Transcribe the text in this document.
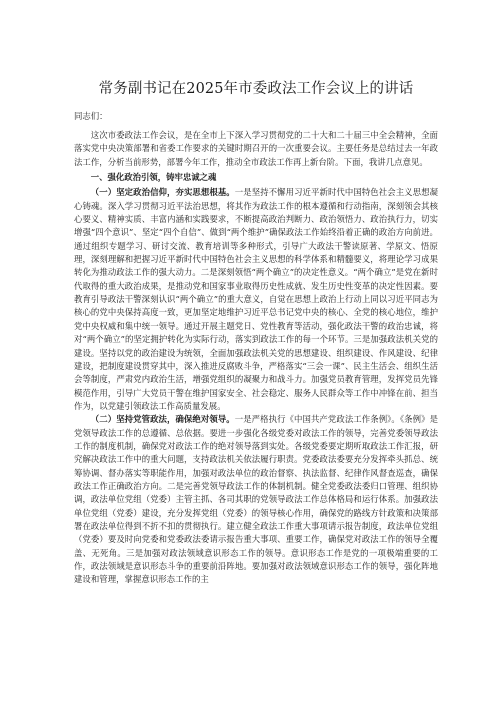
常务副书记在2025年市委政法工作会议上的讲话

同志们：

这次市委政法工作会议，是在全市上下深入学习贯彻党的二十大和二十届三中全会精神，全面落实党中央决策部署和省委工作要求的关键时期召开的一次重要会议。主要任务是总结过去一年政法工作，分析当前形势，部署今年工作，推动全市政法工作再上新台阶。下面，我讲几点意见。

一、强化政治引领，铸牢忠诚之魂

（一）坚定政治信仰，夯实思想根基。一是坚持不懈用习近平新时代中国特色社会主义思想凝心铸魂。深入学习贯彻习近平法治思想，将其作为政法工作的根本遵循和行动指南，深刻领会其核心要义、精神实质、丰富内涵和实践要求，不断提高政治判断力、政治领悟力、政治执行力，切实增强“四个意识”、坚定“四个自信”、做到“两个维护”确保政法工作始终沿着正确的政治方向前进。通过组织专题学习、研讨交流、教育培训等多种形式，引导广大政法干警读原著、学原文、悟原理，深刻理解和把握习近平新时代中国特色社会主义思想的科学体系和精髓要义，将理论学习成果转化为推动政法工作的强大动力。二是深刻领悟“两个确立”的决定性意义。“两个确立”是党在新时代取得的重大政治成果，是推动党和国家事业取得历史性成就、发生历史性变革的决定性因素。要教育引导政法干警深刻认识“两个确立”的重大意义，自觉在思想上政治上行动上同以习近平同志为核心的党中央保持高度一致，更加坚定地维护习近平总书记党中央的核心、全党的核心地位，维护党中央权威和集中统一领导。通过开展主题党日、党性教育等活动，强化政法干警的政治忠诚，将对“两个确立”的坚定拥护转化为实际行动，落实到政法工作的每一个环节。三是加强政法机关党的建设。坚持以党的政治建设为统领，全面加强政法机关党的思想建设、组织建设、作风建设、纪律建设，把制度建设贯穿其中，深入推进反腐败斗争，严格落实“三会一课”、民主生活会、组织生活会等制度，严肃党内政治生活，增强党组织的凝聚力和战斗力。加强党员教育管理，发挥党员先锋模范作用，引导广大党员干警在维护国家安全、社会稳定、服务人民群众等工作中冲锋在前、担当作为，以党建引领政法工作高质量发展。

（二）坚持党管政法，确保绝对领导。一是严格执行《中国共产党政法工作条例》。《条例》是党领导政法工作的总遵循、总依据。要进一步强化各级党委对政法工作的领导，完善党委领导政法工作的制度机制，确保党对政法工作的绝对领导落到实处。各级党委要定期听取政法工作汇报，研究解决政法工作中的重大问题，支持政法机关依法履行职责。党委政法委要充分发挥牵头抓总、统筹协调、督办落实等职能作用，加强对政法单位的政治督察、执法监督、纪律作风督查巡查，确保政法工作正确政治方向。二是完善党领导政法工作的体制机制。健全党委政法委归口管理、组织协调，政法单位党组（党委）主管主抓、各司其职的党领导政法工作总体格局和运行体系。加强政法单位党组（党委）建设，充分发挥党组（党委）的领导核心作用，确保党的路线方针政策和决策部署在政法单位得到不折不扣的贯彻执行。建立健全政法工作重大事项请示报告制度，政法单位党组（党委）要及时向党委和党委政法委请示报告重大事项、重要工作，确保党对政法工作的领导全覆盖、无死角。三是加强对政法领域意识形态工作的领导。意识形态工作是党的一项极端重要的工作，政法领域是意识形态斗争的重要前沿阵地。要加强对政法领域意识形态工作的领导，强化阵地建设和管理，掌握意识形态工作的主
